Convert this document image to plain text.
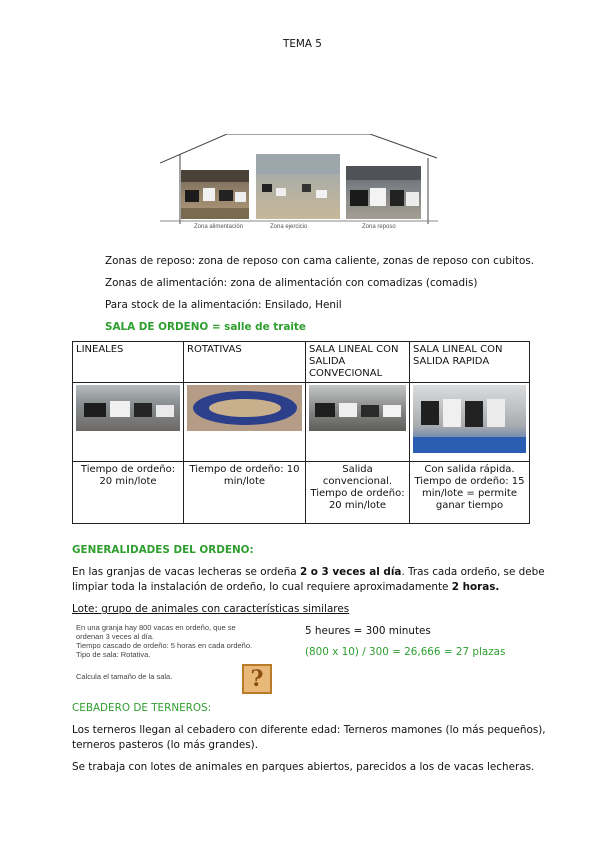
TEMA 5
Zona alimentación	Zona ejercicio	Zona reposo
Zonas de reposo: zona de reposo con cama caliente, zonas de reposo con cubitos.
Zonas de alimentación: zona de alimentación con comadizas (comadis)
Para stock de la alimentación: Ensilado, Henil
SALA DE ORDENO = salle de traite
LINEALES	ROTATIVAS	SALA LINEAL CON SALIDA CONVECIONAL	SALA LINEAL CON SALIDA RAPIDA

Tiempo de ordeño: 20 min/lote	Tiempo de ordeño: 10 min/lote	Salida convencional. Tiempo de ordeño: 20 min/lote	Con salida rápida. Tiempo de ordeño: 15 min/lote = permite ganar tiempo
GENERALIDADES DEL ORDENO:
En las granjas de vacas lecheras se ordeña 2 o 3 veces al día. Tras cada ordeño, se debe
limpiar toda la instalación de ordeño, lo cual requiere aproximadamente 2 horas.
Lote: grupo de animales con características similares
En una granja hay 800 vacas en ordeño, que se
ordenan 3 veces al día.
Tiempo cascado de ordeño: 5 horas en cada ordeño.
Tipo de sala: Rotativa.
Calcula el tamaño de la sala.	?
5 heures = 300 minutes
(800 x 10) / 300 = 26,666 = 27 plazas
CEBADERO DE TERNEROS:
Los terneros llegan al cebadero con diferente edad: Terneros mamones (lo más pequeños),
terneros pasteros (lo más grandes).
Se trabaja con lotes de animales en parques abiertos, parecidos a los de vacas lecheras.
